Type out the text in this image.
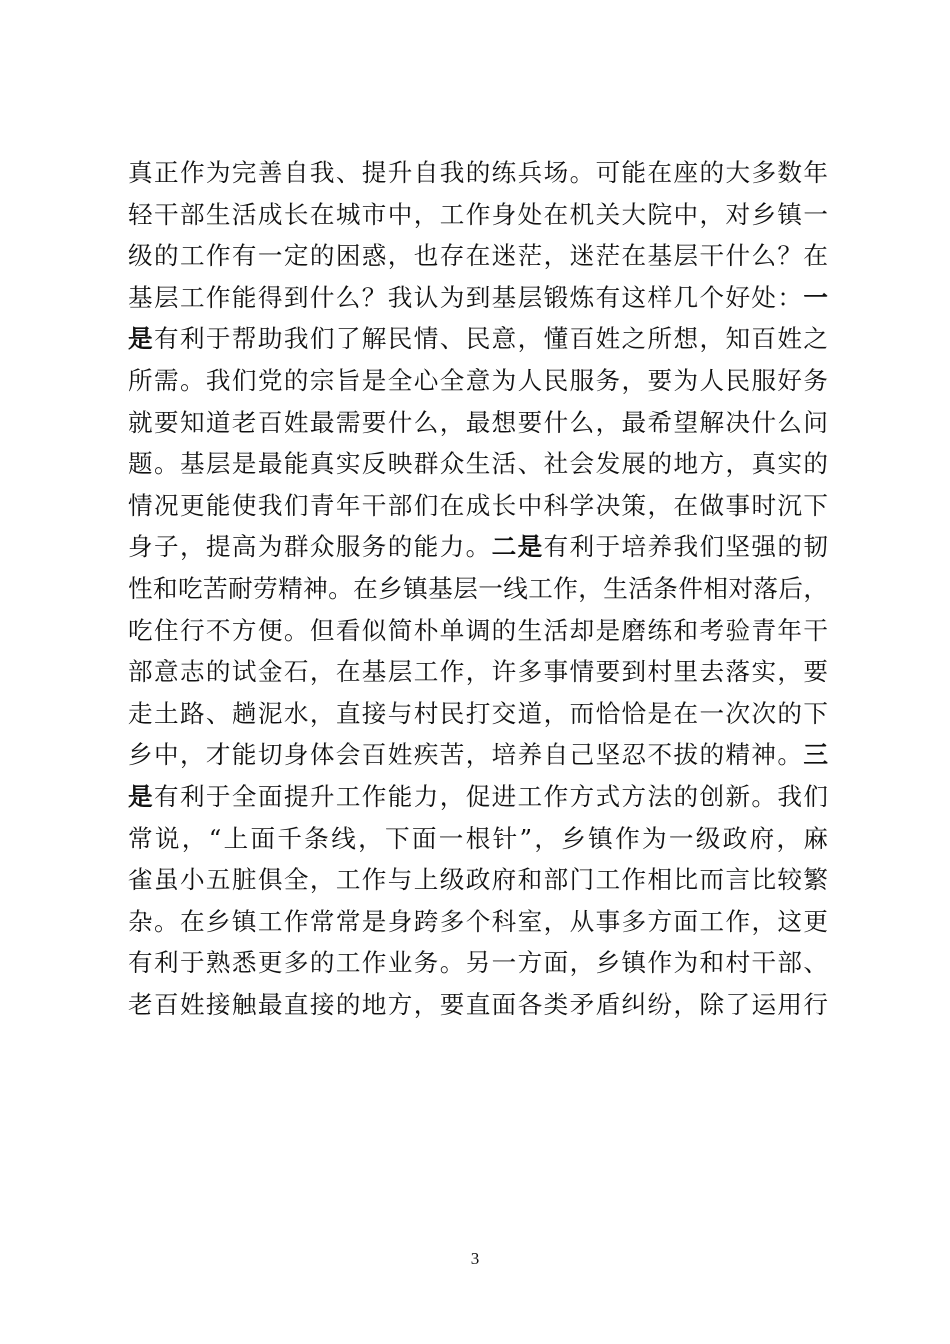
真正作为完善自我、提升自我的练兵场。可能在座的大多数年
轻干部生活成长在城市中，工作身处在机关大院中，对乡镇一
级的工作有一定的困惑，也存在迷茫，迷茫在基层干什么？在
基层工作能得到什么？我认为到基层锻炼有这样几个好处：一
是有利于帮助我们了解民情、民意，懂百姓之所想，知百姓之
所需。我们党的宗旨是全心全意为人民服务，要为人民服好务
就要知道老百姓最需要什么，最想要什么，最希望解决什么问
题。基层是最能真实反映群众生活、社会发展的地方，真实的
情况更能使我们青年干部们在成长中科学决策，在做事时沉下
身子，提高为群众服务的能力。二是有利于培养我们坚强的韧
性和吃苦耐劳精神。在乡镇基层一线工作，生活条件相对落后，
吃住行不方便。但看似简朴单调的生活却是磨练和考验青年干
部意志的试金石，在基层工作，许多事情要到村里去落实，要
走土路、趟泥水，直接与村民打交道，而恰恰是在一次次的下
乡中，才能切身体会百姓疾苦，培养自己坚忍不拔的精神。三
是有利于全面提升工作能力，促进工作方式方法的创新。我们
常说，“上面千条线，下面一根针”，乡镇作为一级政府，麻
雀虽小五脏俱全，工作与上级政府和部门工作相比而言比较繁
杂。在乡镇工作常常是身跨多个科室，从事多方面工作，这更
有利于熟悉更多的工作业务。另一方面，乡镇作为和村干部、
老百姓接触最直接的地方，要直面各类矛盾纠纷，除了运用行
3
